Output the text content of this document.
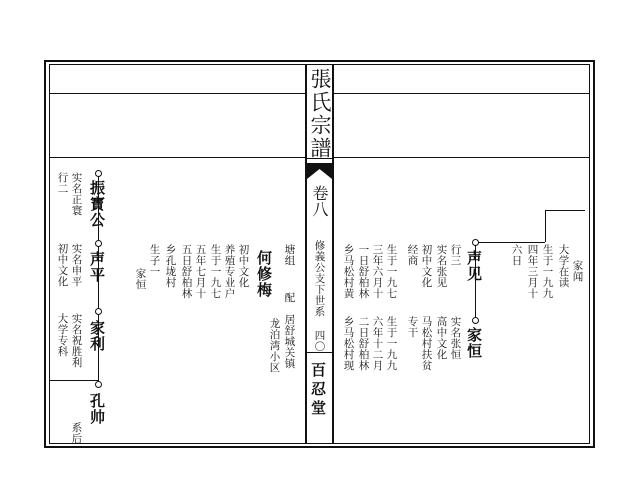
張氏宗譜
卷八
修義公支下世系
四〇
百忍堂
振寳公
声平
家利
孔帅
行二 实名正寰
初中文化 实名申平
大学专科 实名祝胜利
系后
家恒
生子一 乡孔垅村 五日舒柏林 五年七月十 生于一九七 养殖专业户 初中文化 何修梅
龙泊湾小区 配　居舒城关镇
塘组	声见
家恒
行三
实名张见
初中文化
经商
生于一九七
三年六月十
一日舒柏林
乡马松村黄
实名张恒
高中文化
马松村扶贫
专干
生于一九九
六年十二月
二日舒柏林
乡马松村现
家闻
大学在读
生于一九九
四年三月十
六日
